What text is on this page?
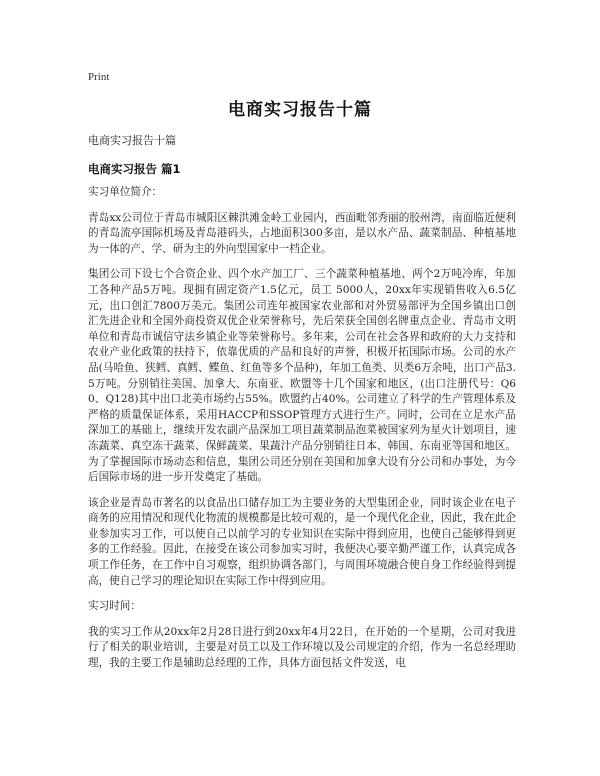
Print
电商实习报告十篇

电商实习报告十篇

电商实习报告 篇1

实习单位简介：

青岛xx公司位于青岛市城阳区棘洪滩金岭工业园内，西面毗邻秀丽的胶州湾，南面临近便利的青岛流亭国际机场及青岛港码头，占地面积300多亩，是以水产品、蔬菜制品、种植基地为一体的产、学、研为主的外向型国家中一档企业。

集团公司下设七个合资企业、四个水产加工厂、三个蔬菜种植基地、两个2万吨冷库，年加工各种产品5万吨。现拥有固定资产1.5亿元，员工 5000人，20xx年实现销售收入6.5亿元，出口创汇7800万美元。集团公司连年被国家农业部和对外贸易部评为全国乡镇出口创汇先进企业和全国外商投资双优企业荣誉称号，先后荣获全国创名牌重点企业、青岛市文明单位和青岛市诚信守法乡镇企业等荣誉称号。多年来，公司在社会各界和政府的大力支持和农业产业化政策的扶持下，依靠优质的产品和良好的声誉，积极开拓国际市场。公司的水产品(马哈鱼、狭鳕、真鳕、鲽鱼、红鱼等多个品种)，年加工鱼类、贝类6万余吨，出口产品3.5万吨。分别销往美国、加拿大、东南亚、欧盟等十几个国家和地区，(出口注册代号：Q60、Q128)其中出口北美市场约占55%。欧盟约占40%。公司建立了科学的生产管理体系及严格的质量保证体系，采用HACCP和SSOP管理方式进行生产。同时，公司在立足水产品深加工的基础上，继续开发农副产品深加工项目蔬菜制品泡菜被国家列为星火计划项目，速冻蔬菜、真空冻干蔬菜、保鲜蔬菜、果蔬汁产品分别销往日本、韩国、东南亚等国和地区。为了掌握国际市场动态和信息，集团公司还分别在美国和加拿大设有分公司和办事处，为今后国际市场的进一步开发奠定了基础。

该企业是青岛市著名的以食品出口储存加工为主要业务的大型集团企业，同时该企业在电子商务的应用情况和现代化物流的规模都是比较可观的，是一个现代化企业，因此，我在此企业参加实习工作，可以使自己以前学习的专业知识在实际中得到应用，也使自己能够得到更多的工作经验。因此，在接受在该公司参加实习时，我便决心要辛勤严谨工作，认真完成各项工作任务，在工作中自习观察，组织协调各部门，与周围环境融合使自身工作经验得到提高，使自己学习的理论知识在实际工作中得到应用。

实习时间：

我的实习工作从20xx年2月28日进行到20xx年4月22日，在开始的一个星期，公司对我进行了相关的职业培训，主要是对员工以及工作环境以及公司规定的介绍，作为一名总经理助理，我的主要工作是辅助总经理的工作，具体方面包括文件发送，电
